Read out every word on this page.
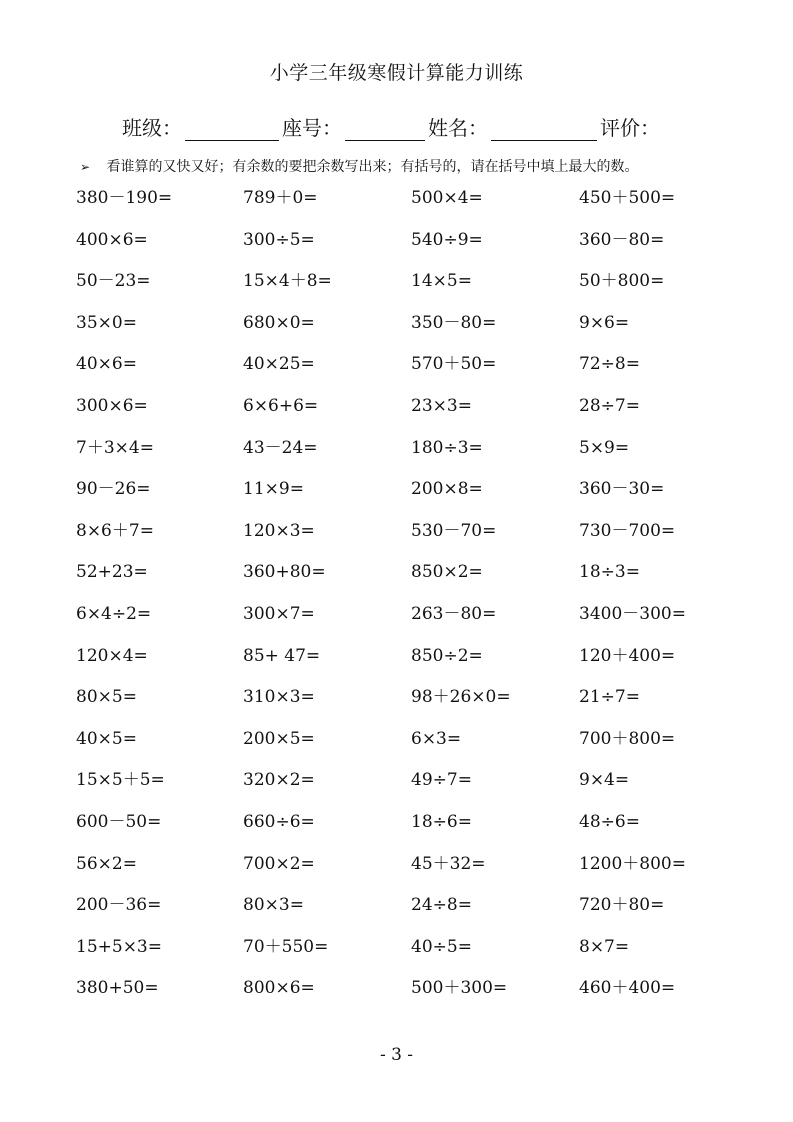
小学三年级寒假计算能力训练
班级：	座号：	姓名：	评价：
➢ 看谁算的又快又好；有余数的要把余数写出来；有括号的，请在括号中填上最大的数。
380－190=	789＋0=	500×4=	450＋500=
400×6=	300÷5=	540÷9=	360－80=
50－23=	15×4＋8=	14×5=	50＋800=
35×0=	680×0=	350－80=	9×6=
40×6=	40×25=	570＋50=	72÷8=
300×6=	6×6+6=	23×3=	28÷7=
7＋3×4=	43－24=	180÷3=	5×9=
90－26=	11×9=	200×8=	360－30=
8×6＋7=	120×3=	530－70=	730－700=
52+23=	360+80=	850×2=	18÷3=
6×4÷2=	300×7=	263－80=	3400－300=
120×4=	85+ 47=	850÷2=	120＋400=
80×5=	310×3=	98＋26×0=	21÷7=
40×5=	200×5=	6×3=	700＋800=
15×5＋5=	320×2=	49÷7=	9×4=
600－50=	660÷6=	18÷6=	48÷6=
56×2=	700×2=	45＋32=	1200＋800=
200－36=	80×3=	24÷8=	720＋80=
15+5×3=	70＋550=	40÷5=	8×7=
380+50=	800×6=	500＋300=	460＋400=
- 3 -
